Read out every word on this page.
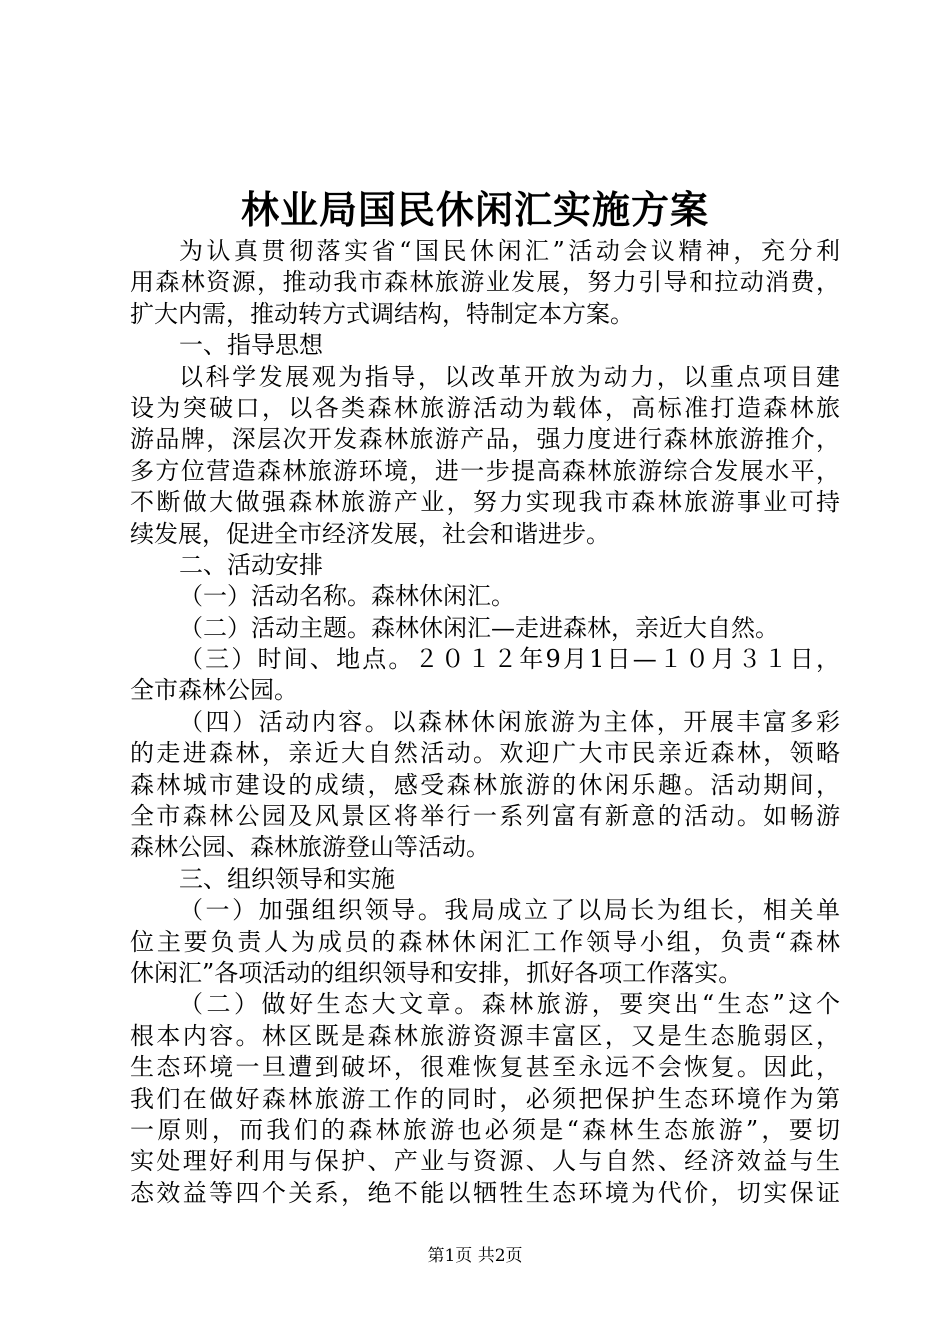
林业局国民休闲汇实施方案
为认真贯彻落实省“国民休闲汇”活动会议精神，充分利
用森林资源，推动我市森林旅游业发展，努力引导和拉动消费，
扩大内需，推动转方式调结构，特制定本方案。
一、指导思想
以科学发展观为指导，以改革开放为动力，以重点项目建
设为突破口，以各类森林旅游活动为载体，高标准打造森林旅
游品牌，深层次开发森林旅游产品，强力度进行森林旅游推介，
多方位营造森林旅游环境，进一步提高森林旅游综合发展水平，
不断做大做强森林旅游产业，努力实现我市森林旅游事业可持
续发展，促进全市经济发展，社会和谐进步。
二、活动安排
（一）活动名称。森林休闲汇。
（二）活动主题。森林休闲汇—走进森林，亲近大自然。
（三）时间、地点。２０１２年9月1日—１０月３１日，
全市森林公园。
（四）活动内容。以森林休闲旅游为主体，开展丰富多彩
的走进森林，亲近大自然活动。欢迎广大市民亲近森林，领略
森林城市建设的成绩，感受森林旅游的休闲乐趣。活动期间，
全市森林公园及风景区将举行一系列富有新意的活动。如畅游
森林公园、森林旅游登山等活动。
三、组织领导和实施
（一）加强组织领导。我局成立了以局长为组长，相关单
位主要负责人为成员的森林休闲汇工作领导小组，负责“森林
休闲汇”各项活动的组织领导和安排，抓好各项工作落实。
（二）做好生态大文章。森林旅游，要突出“生态”这个
根本内容。林区既是森林旅游资源丰富区，又是生态脆弱区，
生态环境一旦遭到破坏，很难恢复甚至永远不会恢复。因此，
我们在做好森林旅游工作的同时，必须把保护生态环境作为第
一原则，而我们的森林旅游也必须是“森林生态旅游”，要切
实处理好利用与保护、产业与资源、人与自然、经济效益与生
态效益等四个关系，绝不能以牺牲生态环境为代价，切实保证
第1页 共2页
